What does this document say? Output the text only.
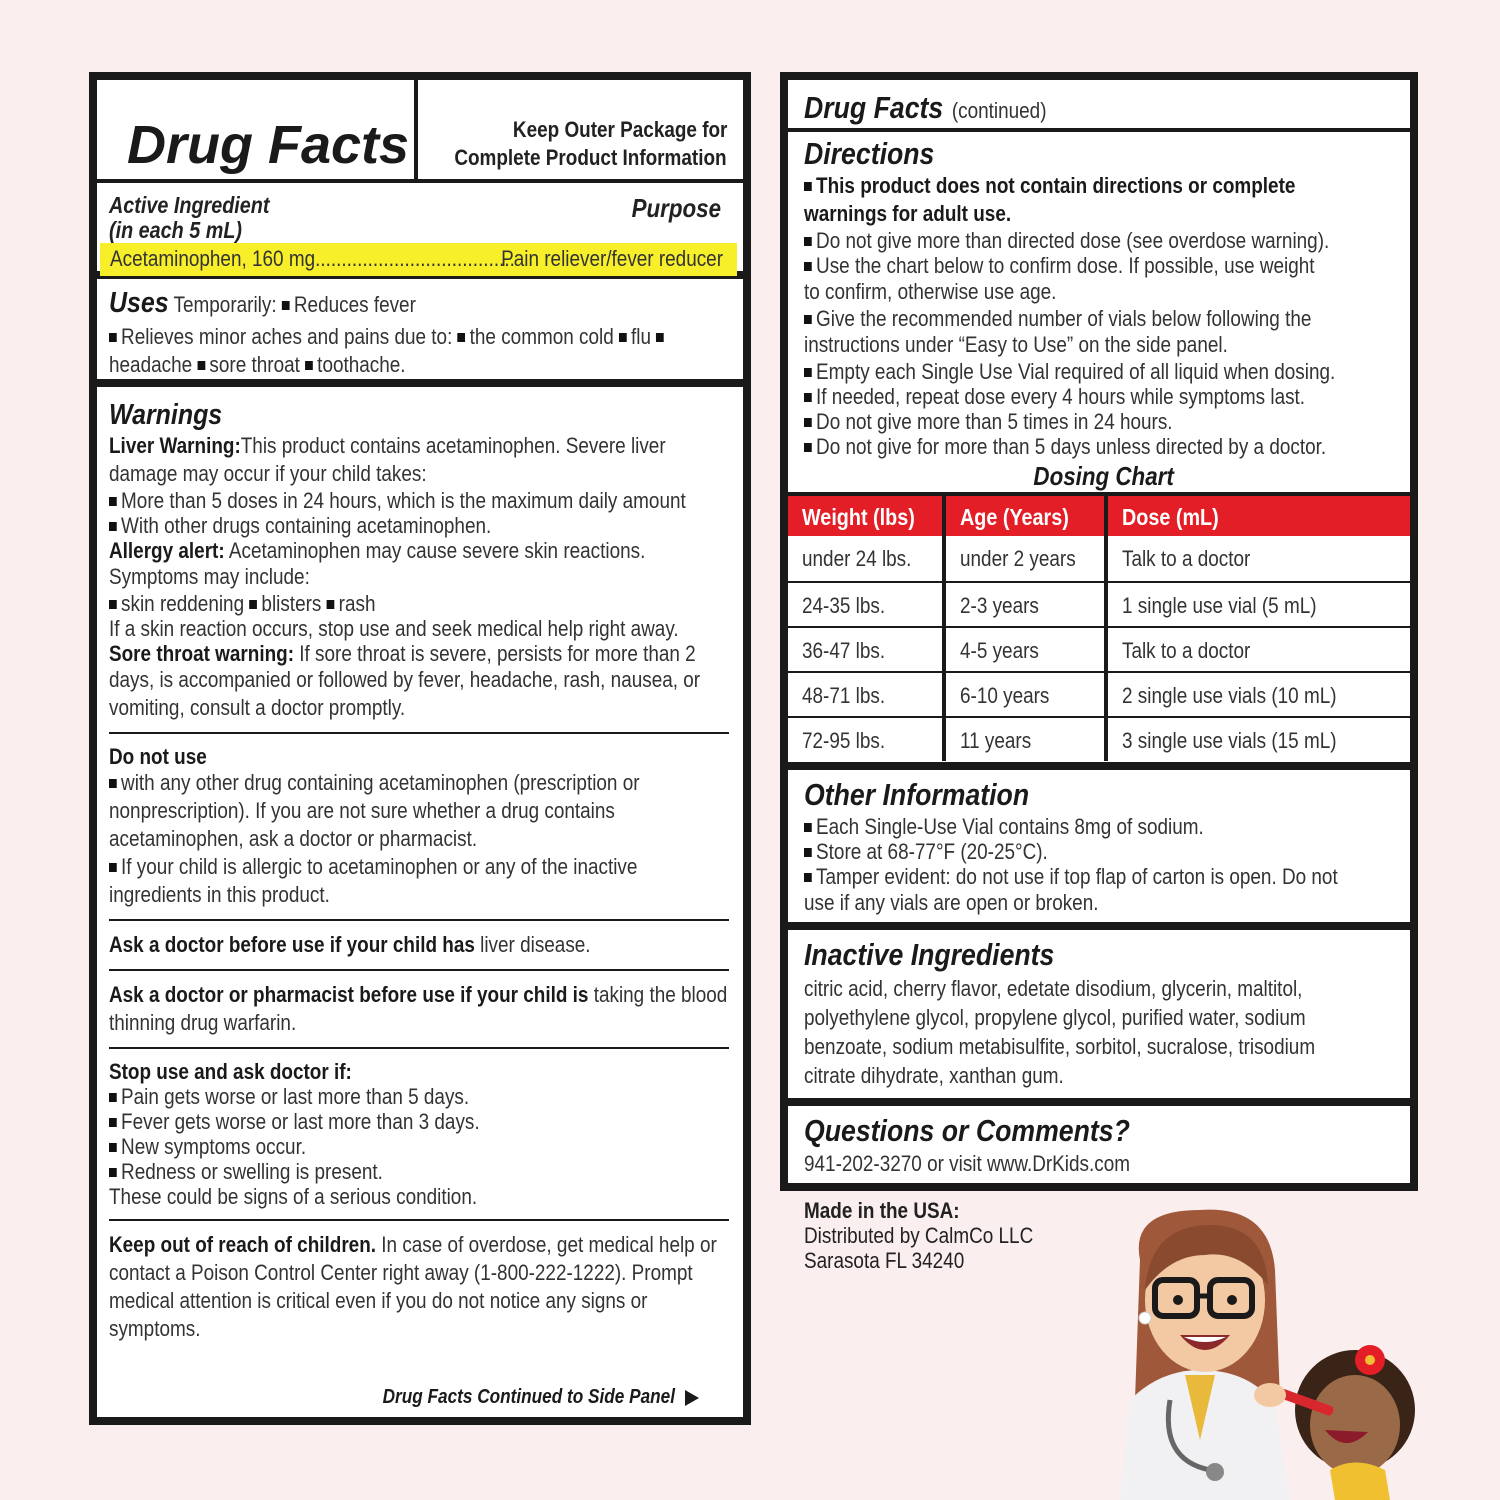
Drug Facts	Keep Outer Package for
Complete Product Information
Active Ingredient
(in each 5 mL)
Purpose
Acetaminophen, 160 mg......................................
Pain reliever/fever reducer
Uses Temporarily: Reduces fever
Relieves minor aches and pains due to: the common cold flu
headache sore throat toothache.
Warnings
Liver Warning:This product contains acetaminophen. Severe liver
damage may occur if your child takes:
More than 5 doses in 24 hours, which is the maximum daily amount
With other drugs containing acetaminophen.
Allergy alert: Acetaminophen may cause severe skin reactions.
Symptoms may include:
skin reddening blisters rash
If a skin reaction occurs, stop use and seek medical help right away.
Sore throat warning: If sore throat is severe, persists for more than 2
days, is accompanied or followed by fever, headache, rash, nausea, or
vomiting, consult a doctor promptly.
Do not use
with any other drug containing acetaminophen (prescription or
nonprescription). If you are not sure whether a drug contains
acetaminophen, ask a doctor or pharmacist.
If your child is allergic to acetaminophen or any of the inactive
ingredients in this product.
Ask a doctor before use if your child has liver disease.
Ask a doctor or pharmacist before use if your child is taking the blood
thinning drug warfarin.
Stop use and ask doctor if:
Pain gets worse or last more than 5 days.
Fever gets worse or last more than 3 days.
New symptoms occur.
Redness or swelling is present.
These could be signs of a serious condition.
Keep out of reach of children. In case of overdose, get medical help or
contact a Poison Control Center right away (1-800-222-1222). Prompt
medical attention is critical even if you do not notice any signs or
symptoms.
Drug Facts Continued to Side Panel
Drug Facts (continued)
Directions
This product does not contain directions or complete
warnings for adult use.
Do not give more than directed dose (see overdose warning).
Use the chart below to confirm dose. If possible, use weight
to confirm, otherwise use age.
Give the recommended number of vials below following the
instructions under “Easy to Use” on the side panel.
Empty each Single Use Vial required of all liquid when dosing.
If needed, repeat dose every 4 hours while symptoms last.
Do not give more than 5 times in 24 hours.
Do not give for more than 5 days unless directed by a doctor.
Dosing Chart
Weight (lbs)	Age (Years)	Dose (mL)
under 24 lbs.	under 2 years	Talk to a doctor
24-35 lbs.	2-3 years	1 single use vial (5 mL)
36-47 lbs.	4-5 years	Talk to a doctor
48-71 lbs.	6-10 years	2 single use vials (10 mL)
72-95 lbs.	11 years	3 single use vials (15 mL)
Other Information
Each Single-Use Vial contains 8mg of sodium.
Store at 68-77°F (20-25°C).
Tamper evident: do not use if top flap of carton is open. Do not
use if any vials are open or broken.
Inactive Ingredients
citric acid, cherry flavor, edetate disodium, glycerin, maltitol,
polyethylene glycol, propylene glycol, purified water, sodium
benzoate, sodium metabisulfite, sorbitol, sucralose, trisodium
citrate dihydrate, xanthan gum.
Questions or Comments?
941-202-3270 or visit www.DrKids.com
Made in the USA:
Distributed by CalmCo LLC
Sarasota FL 34240
